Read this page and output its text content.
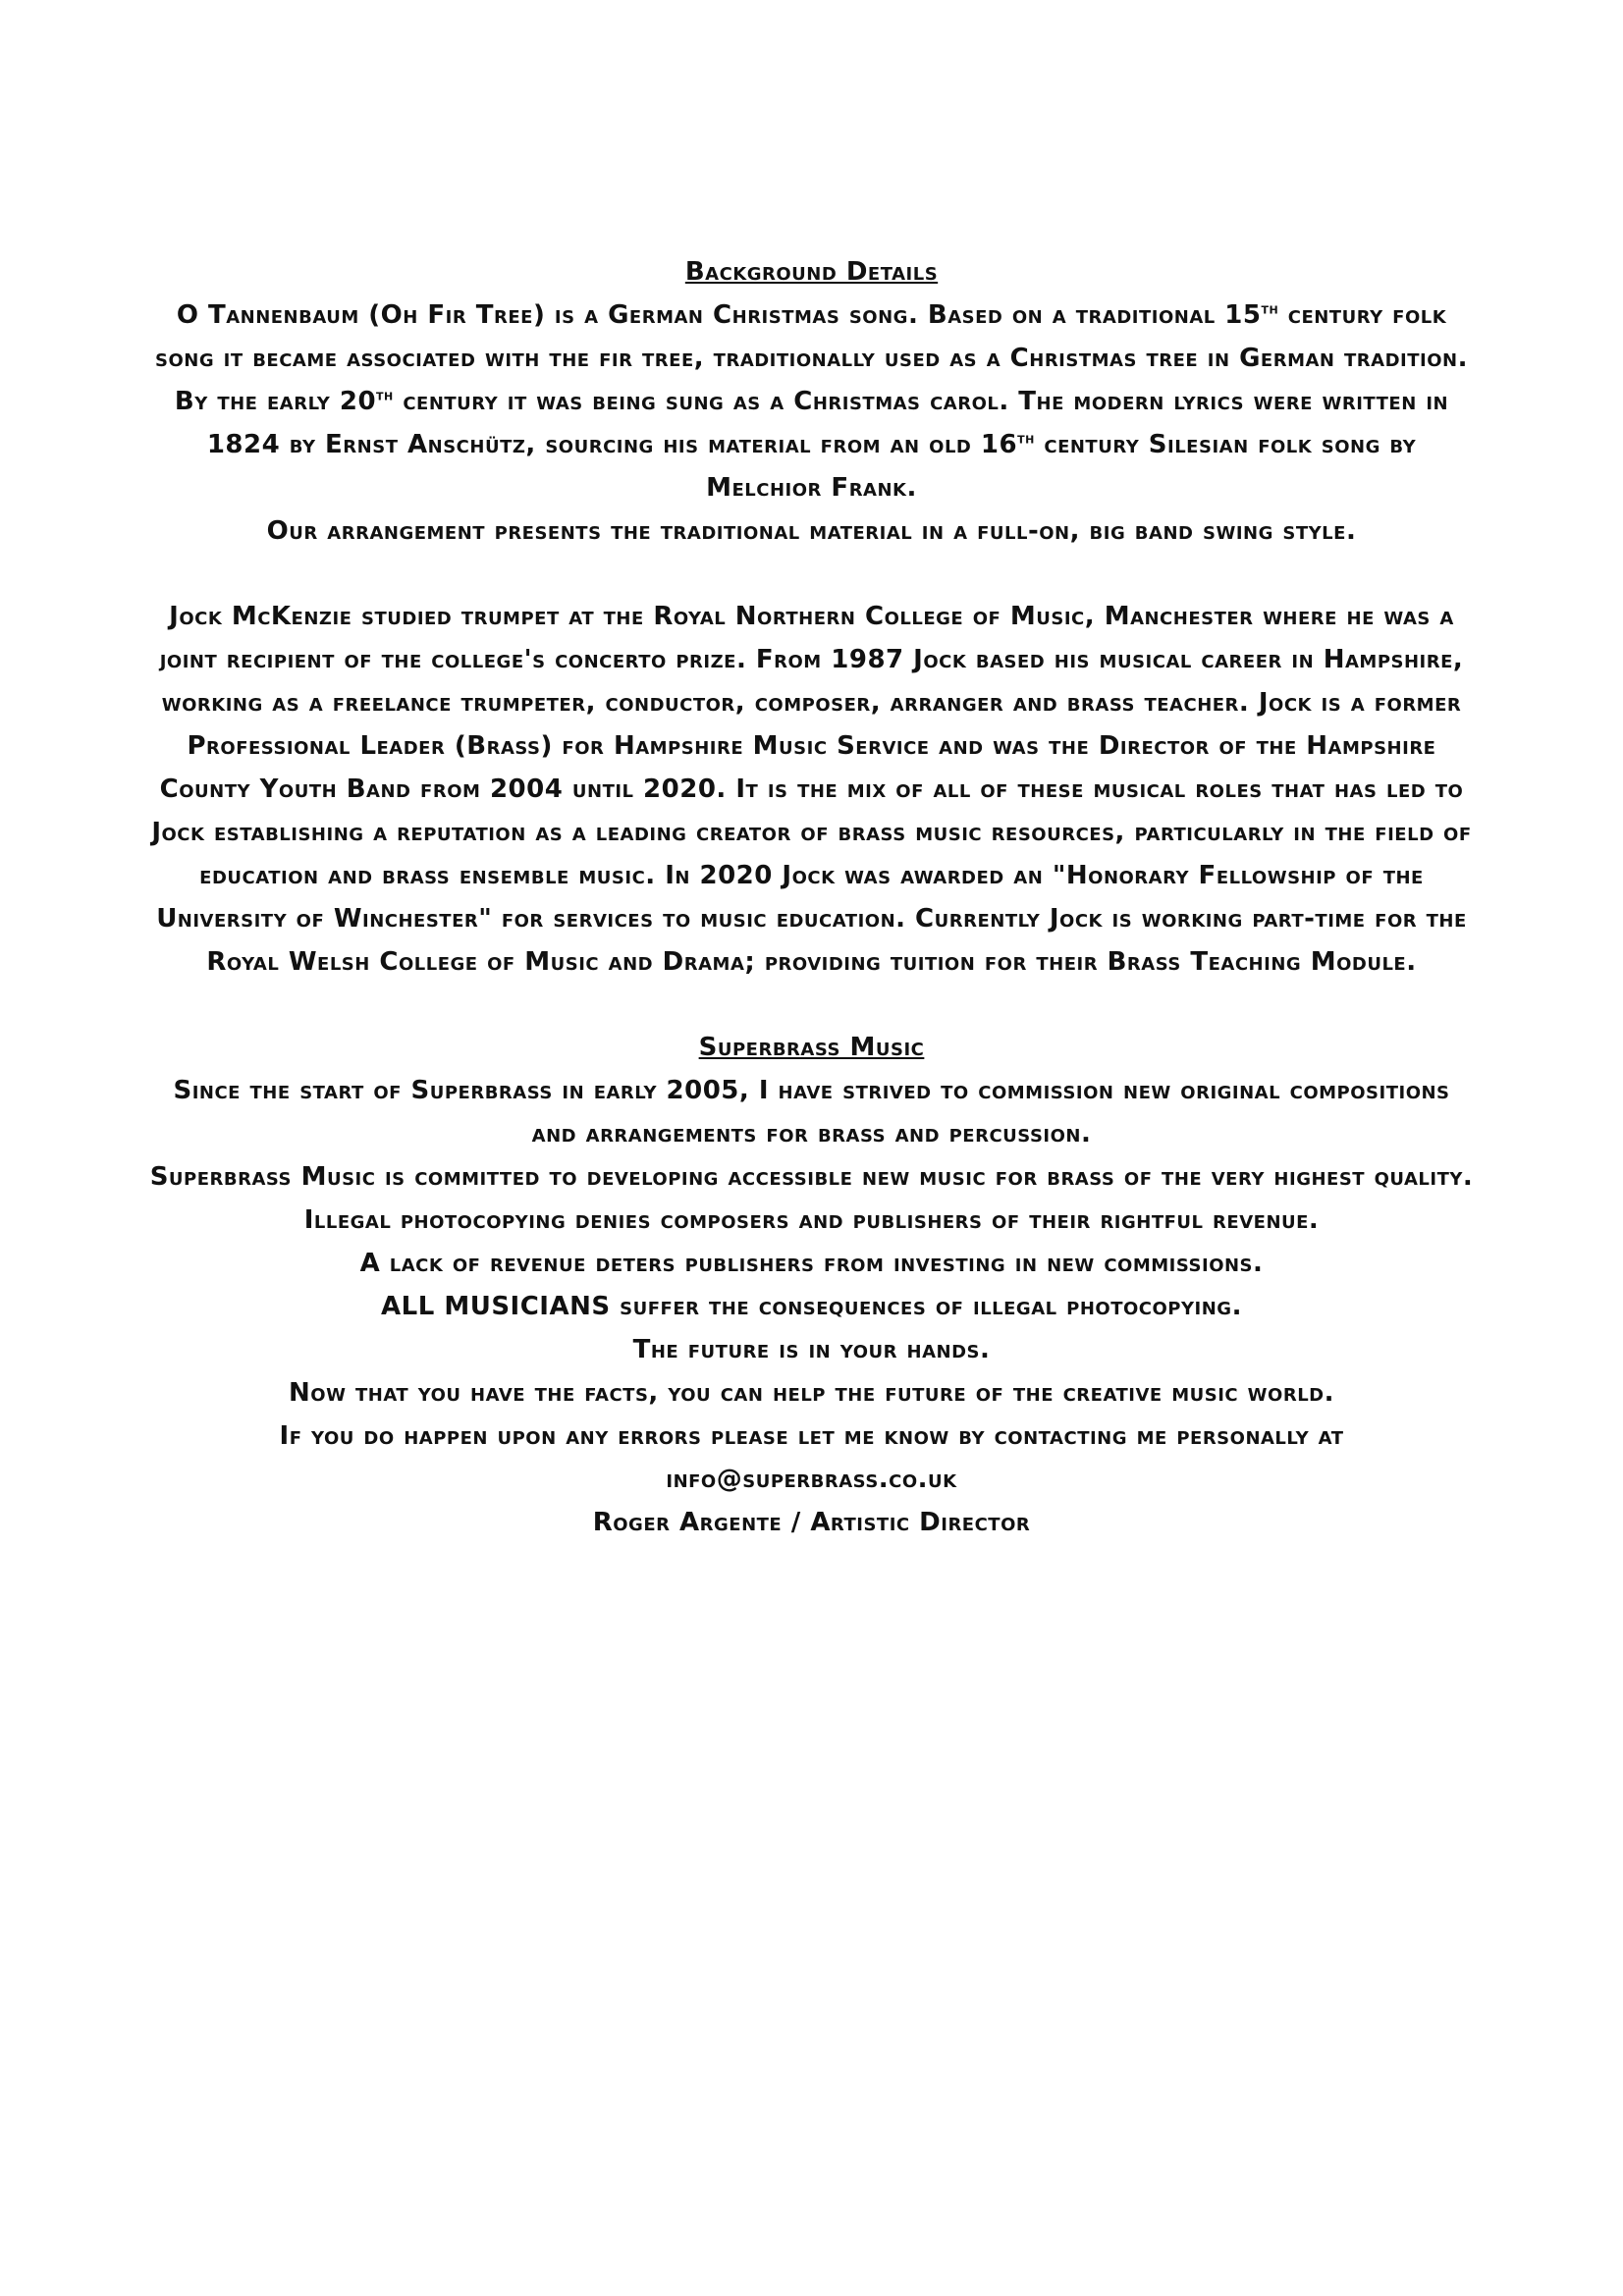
Background Details

O Tannenbaum (Oh Fir Tree) is a German Christmas song. Based on a traditional 15th century folk song it became associated with the fir tree, traditionally used as a Christmas tree in German tradition. By the early 20th century it was being sung as a Christmas carol. The modern lyrics were written in 1824 by Ernst Anschütz, sourcing his material from an old 16th century Silesian folk song by Melchior Frank.

Our arrangement presents the traditional material in a full-on, big band swing style.

Jock McKenzie studied trumpet at the Royal Northern College of Music, Manchester where he was a joint recipient of the college's concerto prize. From 1987 Jock based his musical career in Hampshire, working as a freelance trumpeter, conductor, composer, arranger and brass teacher. Jock is a former Professional Leader (Brass) for Hampshire Music Service and was the Director of the Hampshire County Youth Band from 2004 until 2020. It is the mix of all of these musical roles that has led to Jock establishing a reputation as a leading creator of brass music resources, particularly in the field of education and brass ensemble music. In 2020 Jock was awarded an "Honorary Fellowship of the University of Winchester" for services to music education. Currently Jock is working part-time for the Royal Welsh College of Music and Drama; providing tuition for their Brass Teaching Module.

Superbrass Music

Since the start of Superbrass in early 2005, I have strived to commission new original compositions and arrangements for brass and percussion.

Superbrass Music is committed to developing accessible new music for brass of the very highest quality.

Illegal photocopying denies composers and publishers of their rightful revenue.

A lack of revenue deters publishers from investing in new commissions.

ALL MUSICIANS suffer the consequences of illegal photocopying.

The future is in your hands.

Now that you have the facts, you can help the future of the creative music world.

If you do happen upon any errors please let me know by contacting me personally at

info@superbrass.co.uk

Roger Argente / Artistic Director
